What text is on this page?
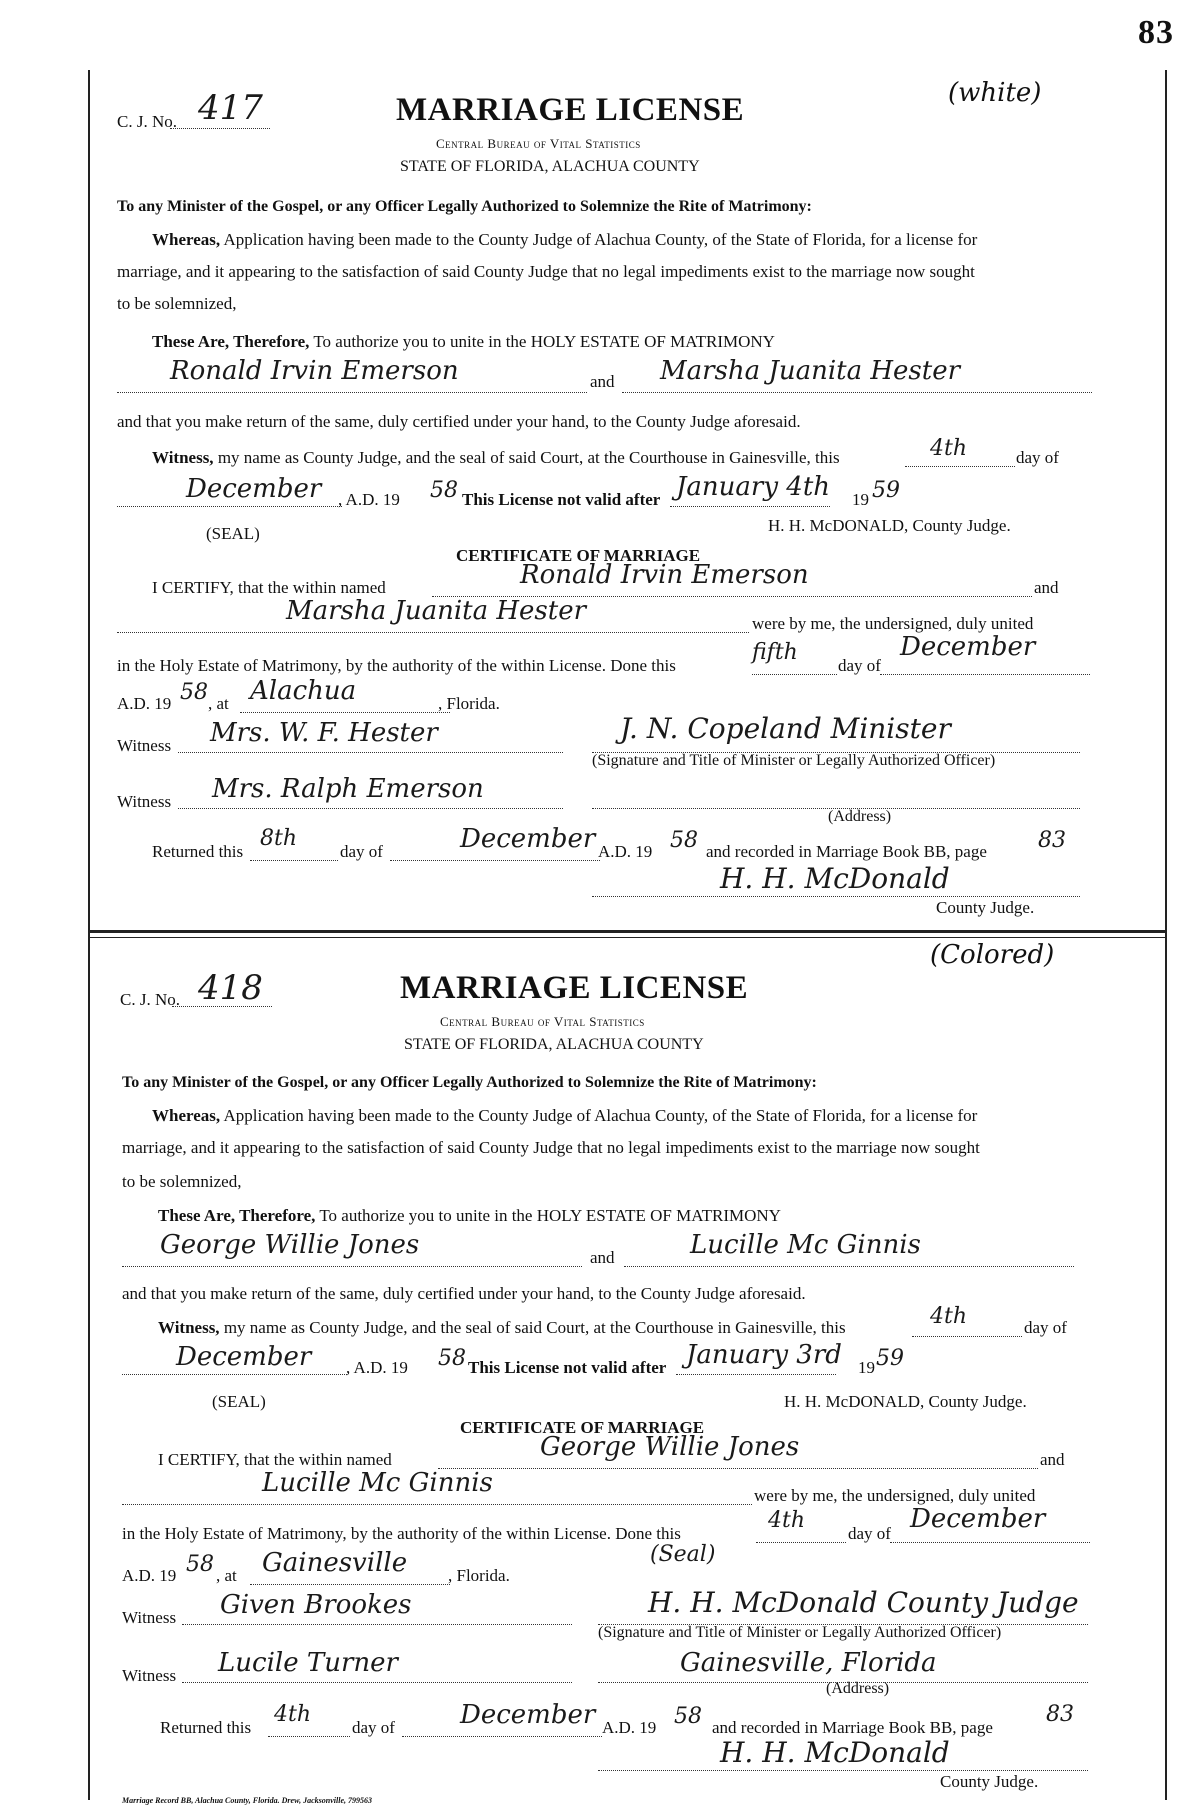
83
C. J. No. 417	(white)
MARRIAGE LICENSE
Central Bureau of Vital Statistics
STATE OF FLORIDA, ALACHUA COUNTY
To any Minister of the Gospel, or any Officer Legally Authorized to Solemnize the Rite of Matrimony:
Whereas, Application having been made to the County Judge of Alachua County, of the State of Florida, for a license for
marriage, and it appearing to the satisfaction of said County Judge that no legal impediments exist to the marriage now sought
to be solemnized,
These Are, Therefore, To authorize you to unite in the HOLY ESTATE OF MATRIMONY
Ronald Irvin Emerson	and Marsha Juanita Hester
and that you make return of the same, duly certified under your hand, to the County Judge aforesaid.
Witness, my name as County Judge, and the seal of said Court, at the Courthouse in Gainesville, this	4th	day of
December , A.D. 19 58 This License not valid after January 4th 19 59
(SEAL)	H. H. McDONALD, County Judge.
CERTIFICATE OF MARRIAGE
I CERTIFY, that the within named	Ronald Irvin Emerson	and
Marsha Juanita Hester	were by me, the undersigned, duly united
in the Holy Estate of Matrimony, by the authority of the within License. Done this
fifth
day of
December
A.D. 19 58 , at Alachua	, Florida.
Witness Mrs. W. F. Hester	J. N. Copeland Minister
(Signature and Title of Minister or Legally Authorized Officer)
Witness Mrs. Ralph Emerson
(Address)
Returned this
8th
day of	December A.D. 19 58 and recorded in Marriage Book BB, page 83
H. H. McDonald
County Judge.
C. J. No. 418
(Colored)
MARRIAGE LICENSE
Central Bureau of Vital Statistics
STATE OF FLORIDA, ALACHUA COUNTY
To any Minister of the Gospel, or any Officer Legally Authorized to Solemnize the Rite of Matrimony:
Whereas, Application having been made to the County Judge of Alachua County, of the State of Florida, for a license for
marriage, and it appearing to the satisfaction of said County Judge that no legal impediments exist to the marriage now sought
to be solemnized,
These Are, Therefore, To authorize you to unite in the HOLY ESTATE OF MATRIMONY
George Willie Jones	and	Lucille Mc Ginnis
and that you make return of the same, duly certified under your hand, to the County Judge aforesaid.
Witness, my name as County Judge, and the seal of said Court, at the Courthouse in Gainesville, this	4th	day of
December , A.D. 19 58 This License not valid after January 3rd 19 59
(SEAL)	H. H. McDONALD, County Judge.
CERTIFICATE OF MARRIAGE
I CERTIFY, that the within named	George Willie Jones	and
Lucille Mc Ginnis	were by me, the undersigned, duly united
in the Holy Estate of Matrimony, by the authority of the within License. Done this
4th
day of December
A.D. 19 58 , at Gainesville , Florida.
(Seal)
Witness Given Brookes	H. H. McDonald County Judge
(Signature and Title of Minister or Legally Authorized Officer)
Witness Lucile Turner	Gainesville, Florida
(Address)
Returned this
4th
day of	December A.D. 19 58 and recorded in Marriage Book BB, page
83
H. H. McDonald
County Judge.
Marriage Record BB, Alachua County, Florida. Drew, Jacksonville, 799563
